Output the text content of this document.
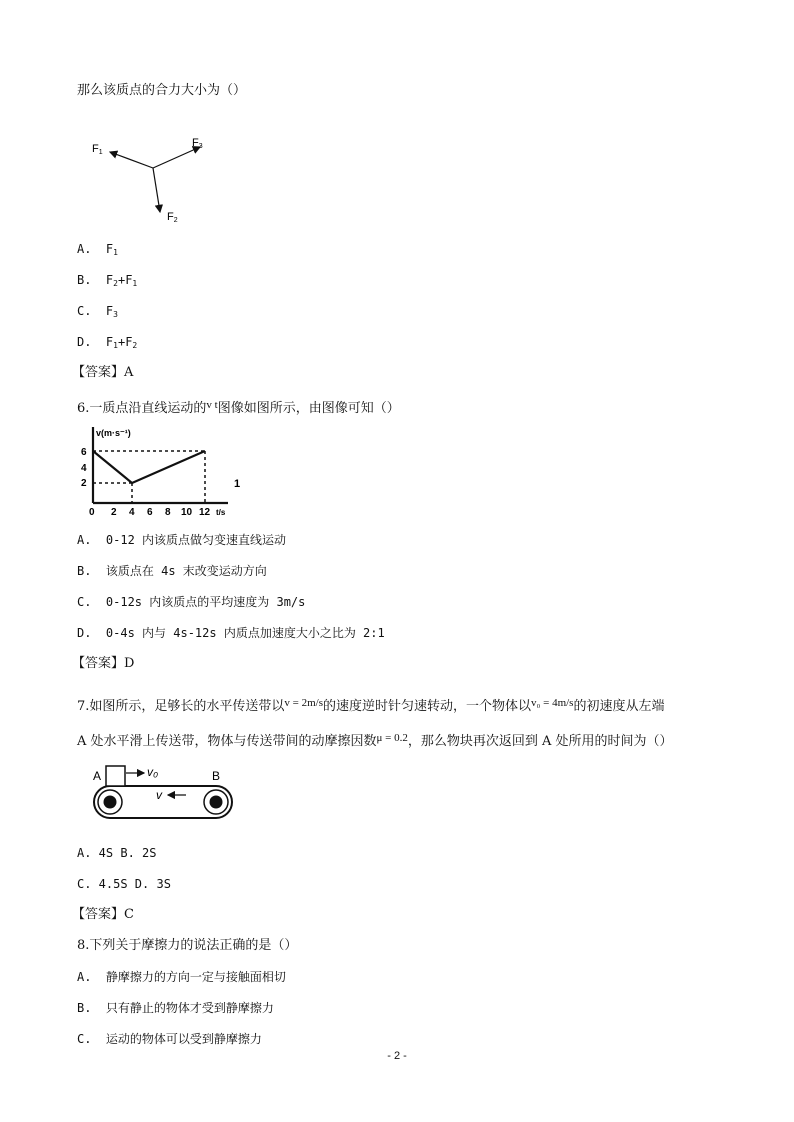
那么该质点的合力大小为（）
F1
F3
F2
A. $F_1$
B. $F_2+F_1$
C. $F_3$
D. $F_1+F_2$
【答案】A
6.一质点沿直线运动的$^{v t}$图像如图所示，由图像可知（）
v(m·s⁻¹)
6
4
2
0 2 4 6 8 10 12 t/s
1
A. 0-12 内该质点做匀变速直线运动
B. 该质点在 4s 末改变运动方向
C. 0-12s 内该质点的平均速度为 3m/s
D. 0-4s 内与 4s-12s 内质点加速度大小之比为 2:1
【答案】D
7.如图所示，足够长的水平传送带以$^{v = 2m/s}$的速度逆时针匀速转动，一个物体以$^{v_0 = 4m/s}$的初速度从左端
A 处水平滑上传送带，物体与传送带间的动摩擦因数$^{\mu = 0.2}$，那么物块再次返回到 A 处所用的时间为（）
A	B
v₀
v
A. 4S B. 2S
C. 4.5S D. 3S
【答案】C
8.下列关于摩擦力的说法正确的是（）
A. 静摩擦力的方向一定与接触面相切
B. 只有静止的物体才受到静摩擦力
C. 运动的物体可以受到静摩擦力
- 2 -
